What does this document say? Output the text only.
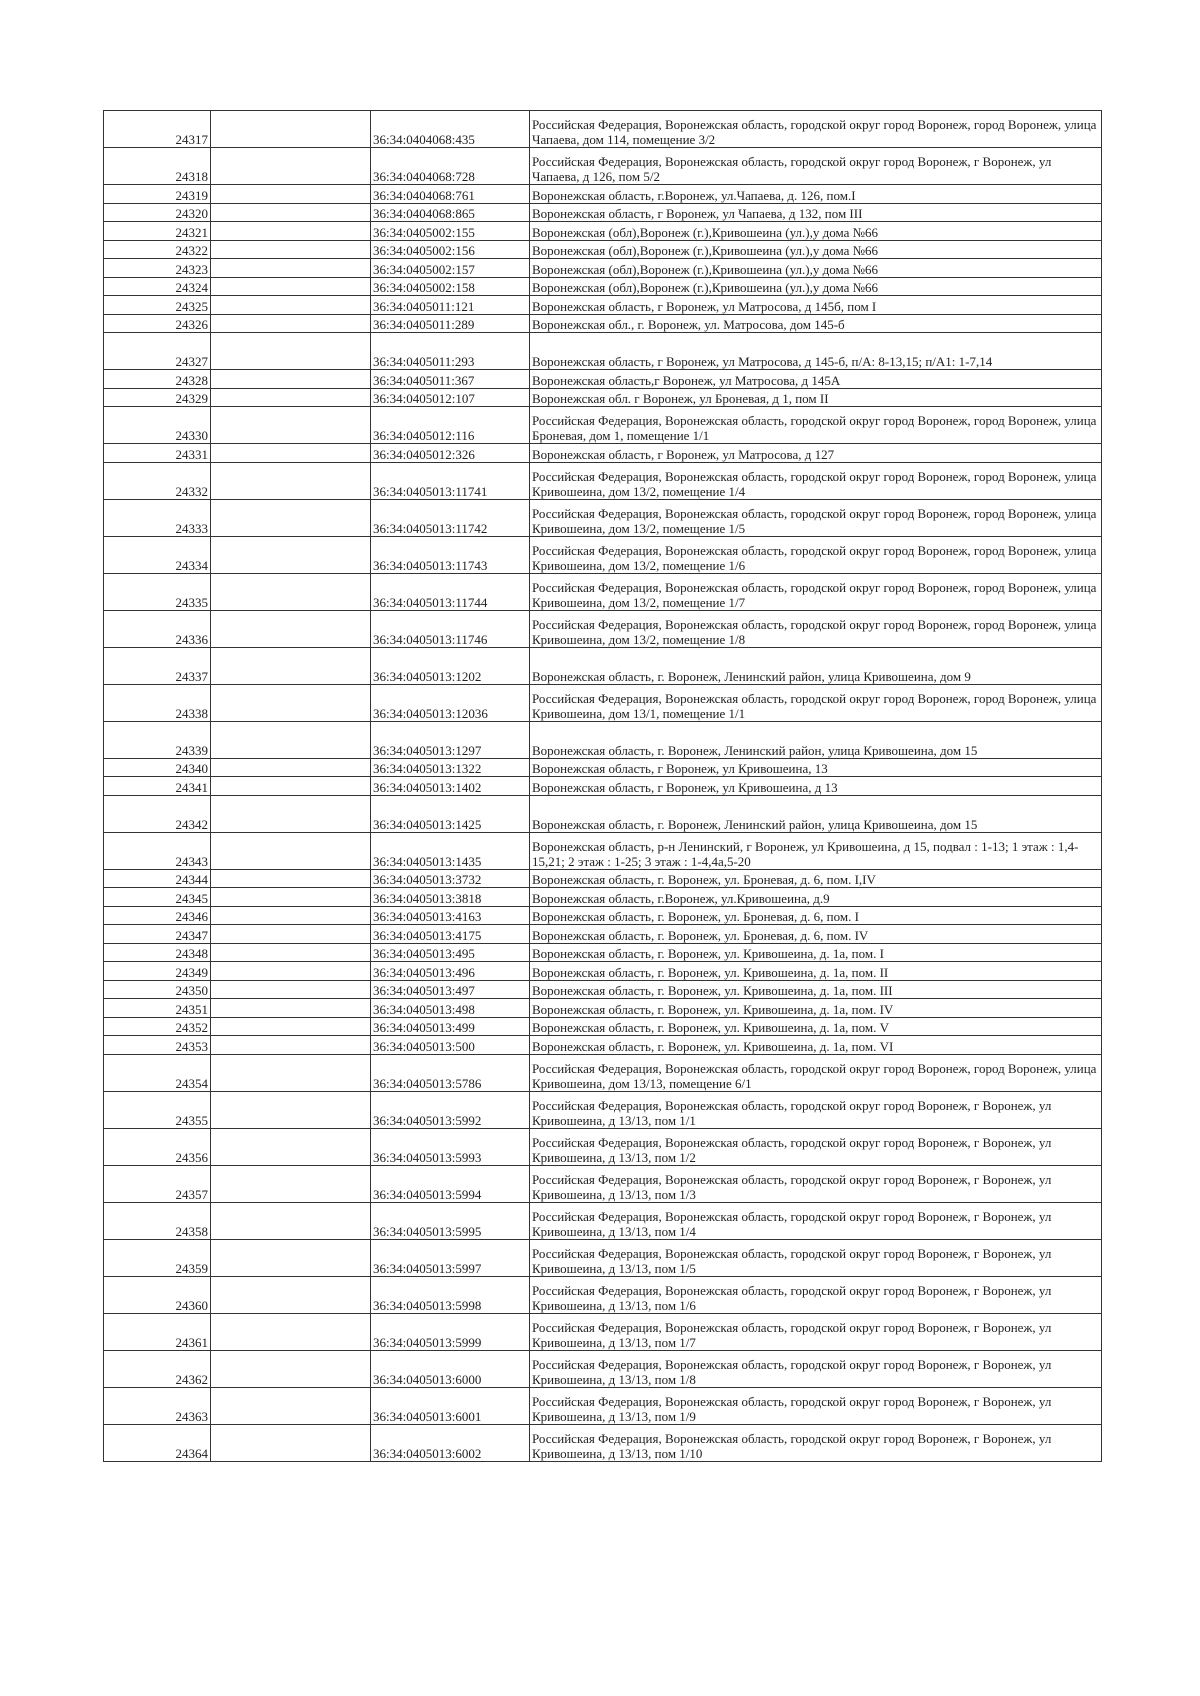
24317		36:34:0404068:435	Российская Федерация, Воронежская область, городской округ город Воронеж, город Воронеж, улица Чапаева, дом 114, помещение 3/2
24318		36:34:0404068:728	Российская Федерация, Воронежская область, городской округ город Воронеж, г Воронеж, ул Чапаева, д 126, пом 5/2
24319		36:34:0404068:761	Воронежская область, г.Воронеж, ул.Чапаева, д. 126, пом.I
24320		36:34:0404068:865	Воронежская область, г Воронеж, ул Чапаева, д 132, пом III
24321		36:34:0405002:155	Воронежская (обл),Воронеж (г.),Кривошеина (ул.),у дома №66
24322		36:34:0405002:156	Воронежская (обл),Воронеж (г.),Кривошеина (ул.),у дома №66
24323		36:34:0405002:157	Воронежская (обл),Воронеж (г.),Кривошеина (ул.),у дома №66
24324		36:34:0405002:158	Воронежская (обл),Воронеж (г.),Кривошеина (ул.),у дома №66
24325		36:34:0405011:121	Воронежская область, г Воронеж, ул Матросова, д 145б, пом I
24326		36:34:0405011:289	Воронежская обл., г. Воронеж, ул. Матросова, дом 145-б
24327		36:34:0405011:293	Воронежская область, г Воронеж, ул Матросова, д 145-б, п/А: 8-13,15; п/А1: 1-7,14
24328		36:34:0405011:367	Воронежская область,г Воронеж, ул Матросова, д 145А
24329		36:34:0405012:107	Воронежская обл. г Воронеж, ул Броневая, д 1, пом II
24330		36:34:0405012:116	Российская Федерация, Воронежская область, городской округ город Воронеж, город Воронеж, улица Броневая, дом 1, помещение 1/1
24331		36:34:0405012:326	Воронежская область, г Воронеж, ул Матросова, д 127
24332		36:34:0405013:11741	Российская Федерация, Воронежская область, городской округ город Воронеж, город Воронеж, улица Кривошеина, дом 13/2, помещение 1/4
24333		36:34:0405013:11742	Российская Федерация, Воронежская область, городской округ город Воронеж, город Воронеж, улица Кривошеина, дом 13/2, помещение 1/5
24334		36:34:0405013:11743	Российская Федерация, Воронежская область, городской округ город Воронеж, город Воронеж, улица Кривошеина, дом 13/2, помещение 1/6
24335		36:34:0405013:11744	Российская Федерация, Воронежская область, городской округ город Воронеж, город Воронеж, улица Кривошеина, дом 13/2, помещение 1/7
24336		36:34:0405013:11746	Российская Федерация, Воронежская область, городской округ город Воронеж, город Воронеж, улица Кривошеина, дом 13/2, помещение 1/8
24337		36:34:0405013:1202	Воронежская область, г. Воронеж, Ленинский район, улица Кривошеина, дом 9
24338		36:34:0405013:12036	Российская Федерация, Воронежская область, городской округ город Воронеж, город Воронеж, улица Кривошеина, дом 13/1, помещение 1/1
24339		36:34:0405013:1297	Воронежская область, г. Воронеж, Ленинский район, улица Кривошеина, дом 15
24340		36:34:0405013:1322	Воронежская область, г Воронеж, ул Кривошеина, 13
24341		36:34:0405013:1402	Воронежская область, г Воронеж, ул Кривошеина, д 13
24342		36:34:0405013:1425	Воронежская область, г. Воронеж, Ленинский район, улица Кривошеина, дом 15
24343		36:34:0405013:1435	Воронежская область, р-н Ленинский, г Воронеж, ул Кривошеина, д 15, подвал : 1-13; 1 этаж : 1,4-15,21; 2 этаж : 1-25; 3 этаж : 1-4,4а,5-20
24344		36:34:0405013:3732	Воронежская область, г. Воронеж, ул. Броневая, д. 6, пом. I,IV
24345		36:34:0405013:3818	Воронежская область, г.Воронеж, ул.Кривошеина, д.9
24346		36:34:0405013:4163	Воронежская область, г. Воронеж, ул. Броневая, д. 6, пом. I
24347		36:34:0405013:4175	Воронежская область, г. Воронеж, ул. Броневая, д. 6, пом. IV
24348		36:34:0405013:495	Воронежская область, г. Воронеж, ул. Кривошеина, д. 1а, пом. I
24349		36:34:0405013:496	Воронежская область, г. Воронеж, ул. Кривошеина, д. 1а, пом. II
24350		36:34:0405013:497	Воронежская область, г. Воронеж, ул. Кривошеина, д. 1а, пом. III
24351		36:34:0405013:498	Воронежская область, г. Воронеж, ул. Кривошеина, д. 1а, пом. IV
24352		36:34:0405013:499	Воронежская область, г. Воронеж, ул. Кривошеина, д. 1а, пом. V
24353		36:34:0405013:500	Воронежская область, г. Воронеж, ул. Кривошеина, д. 1а, пом. VI
24354		36:34:0405013:5786	Российская Федерация, Воронежская область, городской округ город Воронеж, город Воронеж, улица Кривошеина, дом 13/13, помещение 6/1
24355		36:34:0405013:5992	Российская Федерация, Воронежская область, городской округ город Воронеж, г Воронеж, ул Кривошеина, д 13/13, пом 1/1
24356		36:34:0405013:5993	Российская Федерация, Воронежская область, городской округ город Воронеж, г Воронеж, ул Кривошеина, д 13/13, пом 1/2
24357		36:34:0405013:5994	Российская Федерация, Воронежская область, городской округ город Воронеж, г Воронеж, ул Кривошеина, д 13/13, пом 1/3
24358		36:34:0405013:5995	Российская Федерация, Воронежская область, городской округ город Воронеж, г Воронеж, ул Кривошеина, д 13/13, пом 1/4
24359		36:34:0405013:5997	Российская Федерация, Воронежская область, городской округ город Воронеж, г Воронеж, ул Кривошеина, д 13/13, пом 1/5
24360		36:34:0405013:5998	Российская Федерация, Воронежская область, городской округ город Воронеж, г Воронеж, ул Кривошеина, д 13/13, пом 1/6
24361		36:34:0405013:5999	Российская Федерация, Воронежская область, городской округ город Воронеж, г Воронеж, ул Кривошеина, д 13/13, пом 1/7
24362		36:34:0405013:6000	Российская Федерация, Воронежская область, городской округ город Воронеж, г Воронеж, ул Кривошеина, д 13/13, пом 1/8
24363		36:34:0405013:6001	Российская Федерация, Воронежская область, городской округ город Воронеж, г Воронеж, ул Кривошеина, д 13/13, пом 1/9
24364		36:34:0405013:6002	Российская Федерация, Воронежская область, городской округ город Воронеж, г Воронеж, ул Кривошеина, д 13/13, пом 1/10
